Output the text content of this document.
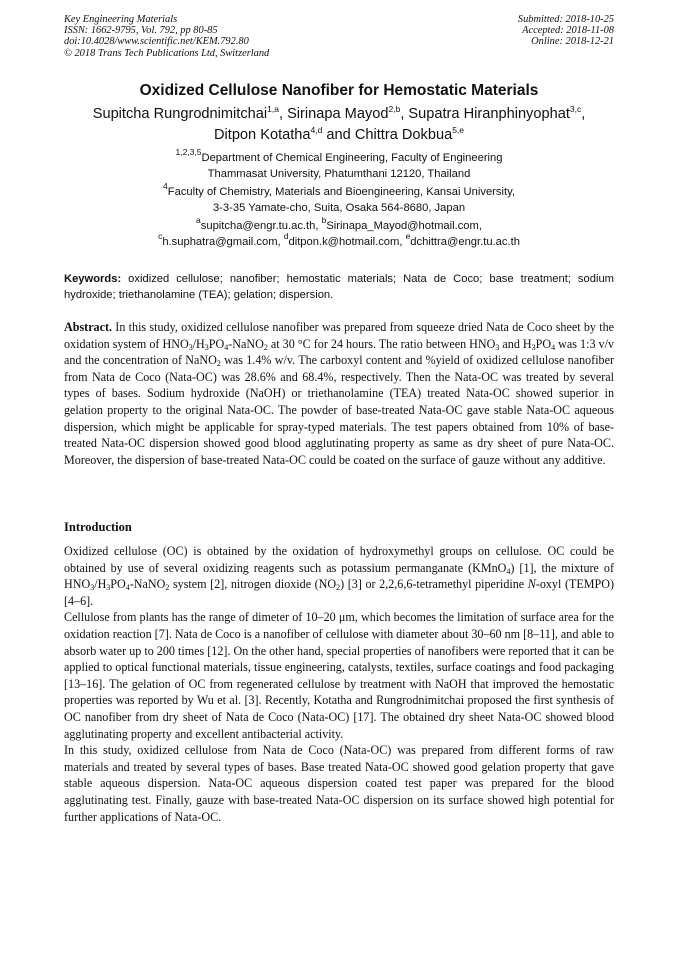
Key Engineering Materials
ISSN: 1662-9795, Vol. 792, pp 80-85
doi:10.4028/www.scientific.net/KEM.792.80
© 2018 Trans Tech Publications Ltd, Switzerland
Submitted: 2018-10-25
Accepted: 2018-11-08
Online: 2018-12-21
Oxidized Cellulose Nanofiber for Hemostatic Materials
Supitcha Rungrodnimitchai$^{1,a}$, Sirinapa Mayod$^{2,b}$, Supatra Hiranphinyophat$^{3,c}$,
Ditpon Kotatha$^{4,d}$ and Chittra Dokbua$^{5,e}$
$^{1,2,3,5}$Department of Chemical Engineering, Faculty of Engineering
Thammasat University, Phatumthani 12120, Thailand
$^4$Faculty of Chemistry, Materials and Bioengineering, Kansai University,
3-3-35 Yamate-cho, Suita, Osaka 564-8680, Japan
$^a$supitcha@engr.tu.ac.th, $^b$Sirinapa_Mayod@hotmail.com,
$^c$h.suphatra@gmail.com, $^d$ditpon.k@hotmail.com, $^e$dchittra@engr.tu.ac.th
Keywords: oxidized cellulose; nanofiber; hemostatic materials; Nata de Coco; base treatment; sodium hydroxide; triethanolamine (TEA); gelation; dispersion.
Abstract. In this study, oxidized cellulose nanofiber was prepared from squeeze dried Nata de Coco sheet by the oxidation system of $HNO_3/H_3PO_4-NaNO_2$ at 30 °C for 24 hours. The ratio between $HNO_3$ and $H_3PO_4$ was 1:3 v/v and the concentration of NaNO$_2$ was 1.4% w/v. The carboxyl content and %yield of oxidized cellulose nanofiber from Nata de Coco (Nata-OC) was 28.6% and 68.4%, respectively. Then the Nata-OC was treated by several types of bases. Sodium hydroxide (NaOH) or triethanolamine (TEA) treated Nata-OC showed superior in gelation property to the original Nata-OC. The powder of base-treated Nata-OC gave stable Nata-OC aqueous dispersion, which might be applicable for spray-typed materials. The test papers obtained from 10% of base-treated Nata-OC dispersion showed good blood agglutinating property as same as dry sheet of pure Nata-OC. Moreover, the dispersion of base-treated Nata-OC could be coated on the surface of gauze without any additive.
Introduction

Oxidized cellulose (OC) is obtained by the oxidation of hydroxymethyl groups on cellulose. OC could be obtained by use of several oxidizing reagents such as potassium permanganate (KMnO$_4$) [1], the mixture of $HNO_3/H_3PO_4-NaNO_2$ system [2], nitrogen dioxide $(NO_2)$ [3] or 2,2,6,6-tetramethyl piperidine N-oxyl (TEMPO) [4–6].

Cellulose from plants has the range of dimeter of 10–20 μm, which becomes the limitation of surface area for the oxidation reaction [7]. Nata de Coco is a nanofiber of cellulose with diameter about 30–60 nm [8–11], and able to absorb water up to 200 times [12]. On the other hand, special properties of nanofibers were reported that it can be applied to optical functional materials, tissue engineering, catalysts, textiles, surface coatings and food packaging [13–16]. The gelation of OC from regenerated cellulose by treatment with NaOH that improved the hemostatic properties was reported by Wu et al. [3]. Recently, Kotatha and Rungrodnimitchai proposed the first synthesis of OC nanofiber from dry sheet of Nata de Coco (Nata-OC) [17]. The obtained dry sheet Nata-OC showed blood agglutinating property and excellent antibacterial activity.

In this study, oxidized cellulose from Nata de Coco (Nata-OC) was prepared from different forms of raw materials and treated by several types of bases. Base treated Nata-OC showed good gelation property that gave stable aqueous dispersion. Nata-OC aqueous dispersion coated test paper was prepared for the blood agglutinating test. Finally, gauze with base-treated Nata-OC dispersion on its surface showed high potential for further applications of Nata-OC.
